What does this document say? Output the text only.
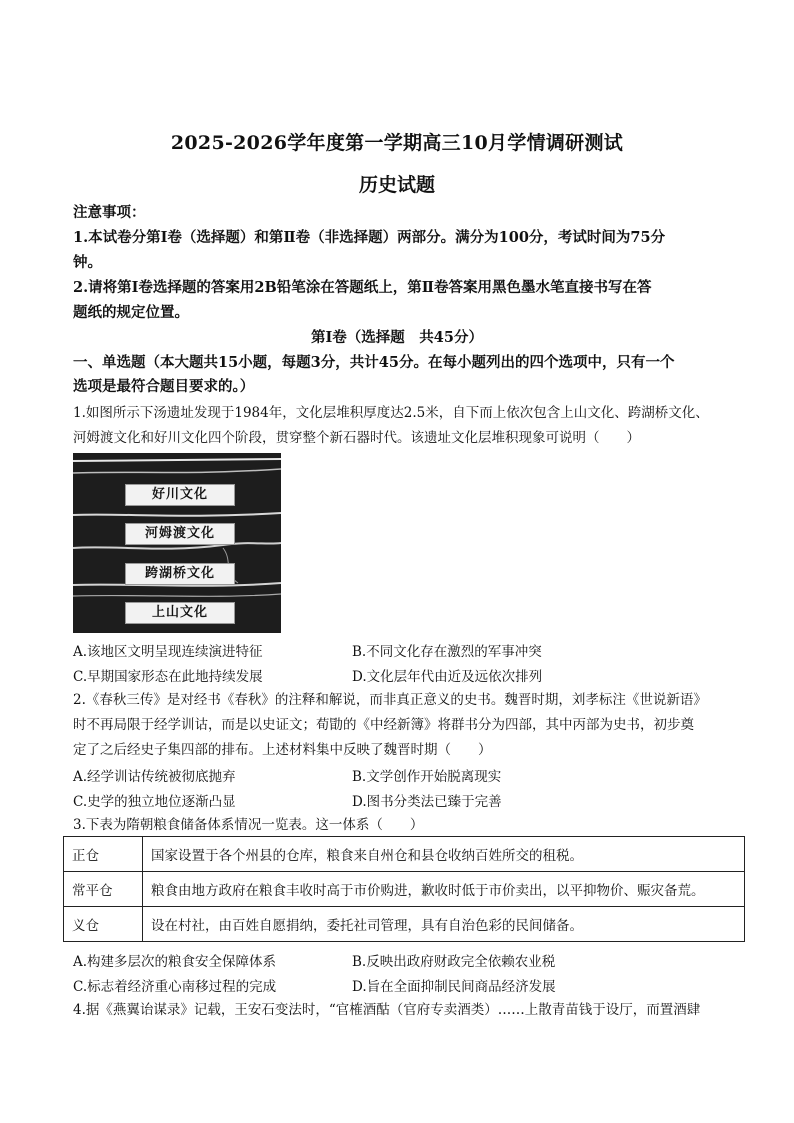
2025-2026学年度第一学期高三10月学情调研测试
历史试题
注意事项：
1.本试卷分第Ⅰ卷（选择题）和第Ⅱ卷（非选择题）两部分。满分为100分，考试时间为75分
钟。
2.请将第Ⅰ卷选择题的答案用2B铅笔涂在答题纸上，第Ⅱ卷答案用黑色墨水笔直接书写在答
题纸的规定位置。
第Ⅰ卷（选择题　共45分）
一、单选题（本大题共15小题，每题3分，共计45分。在每小题列出的四个选项中，只有一个
选项是最符合题目要求的。）
1.如图所示下汤遗址发现于1984年，文化层堆积厚度达2.5米，自下而上依次包含上山文化、跨湖桥文化、
河姆渡文化和好川文化四个阶段，贯穿整个新石器时代。该遗址文化层堆积现象可说明（　　）
好川文化
河姆渡文化
跨湖桥文化
上山文化
A.该地区文明呈现连续演进特征	B.不同文化存在激烈的军事冲突
C.早期国家形态在此地持续发展	D.文化层年代由近及远依次排列
2.《春秋三传》是对经书《春秋》的注释和解说，而非真正意义的史书。魏晋时期，刘孝标注《世说新语》
时不再局限于经学训诂，而是以史证文；荀勖的《中经新簿》将群书分为四部，其中丙部为史书，初步奠
定了之后经史子集四部的排布。上述材料集中反映了魏晋时期（　　）
A.经学训诂传统被彻底抛弃	B.文学创作开始脱离现实
C.史学的独立地位逐渐凸显	D.图书分类法已臻于完善
3.下表为隋朝粮食储备体系情况一览表。这一体系（　　）
正仓	国家设置于各个州县的仓库，粮食来自州仓和县仓收纳百姓所交的租税。
常平仓	粮食由地方政府在粮食丰收时高于市价购进，歉收时低于市价卖出，以平抑物价、赈灾备荒。
义仓	设在村社，由百姓自愿捐纳，委托社司管理，具有自治色彩的民间储备。
A.构建多层次的粮食安全保障体系	B.反映出政府财政完全依赖农业税
C.标志着经济重心南移过程的完成	D.旨在全面抑制民间商品经济发展
4.据《燕翼诒谋录》记载，王安石变法时，“官榷酒酤（官府专卖酒类）……上散青苗钱于设厅，而置酒肆
